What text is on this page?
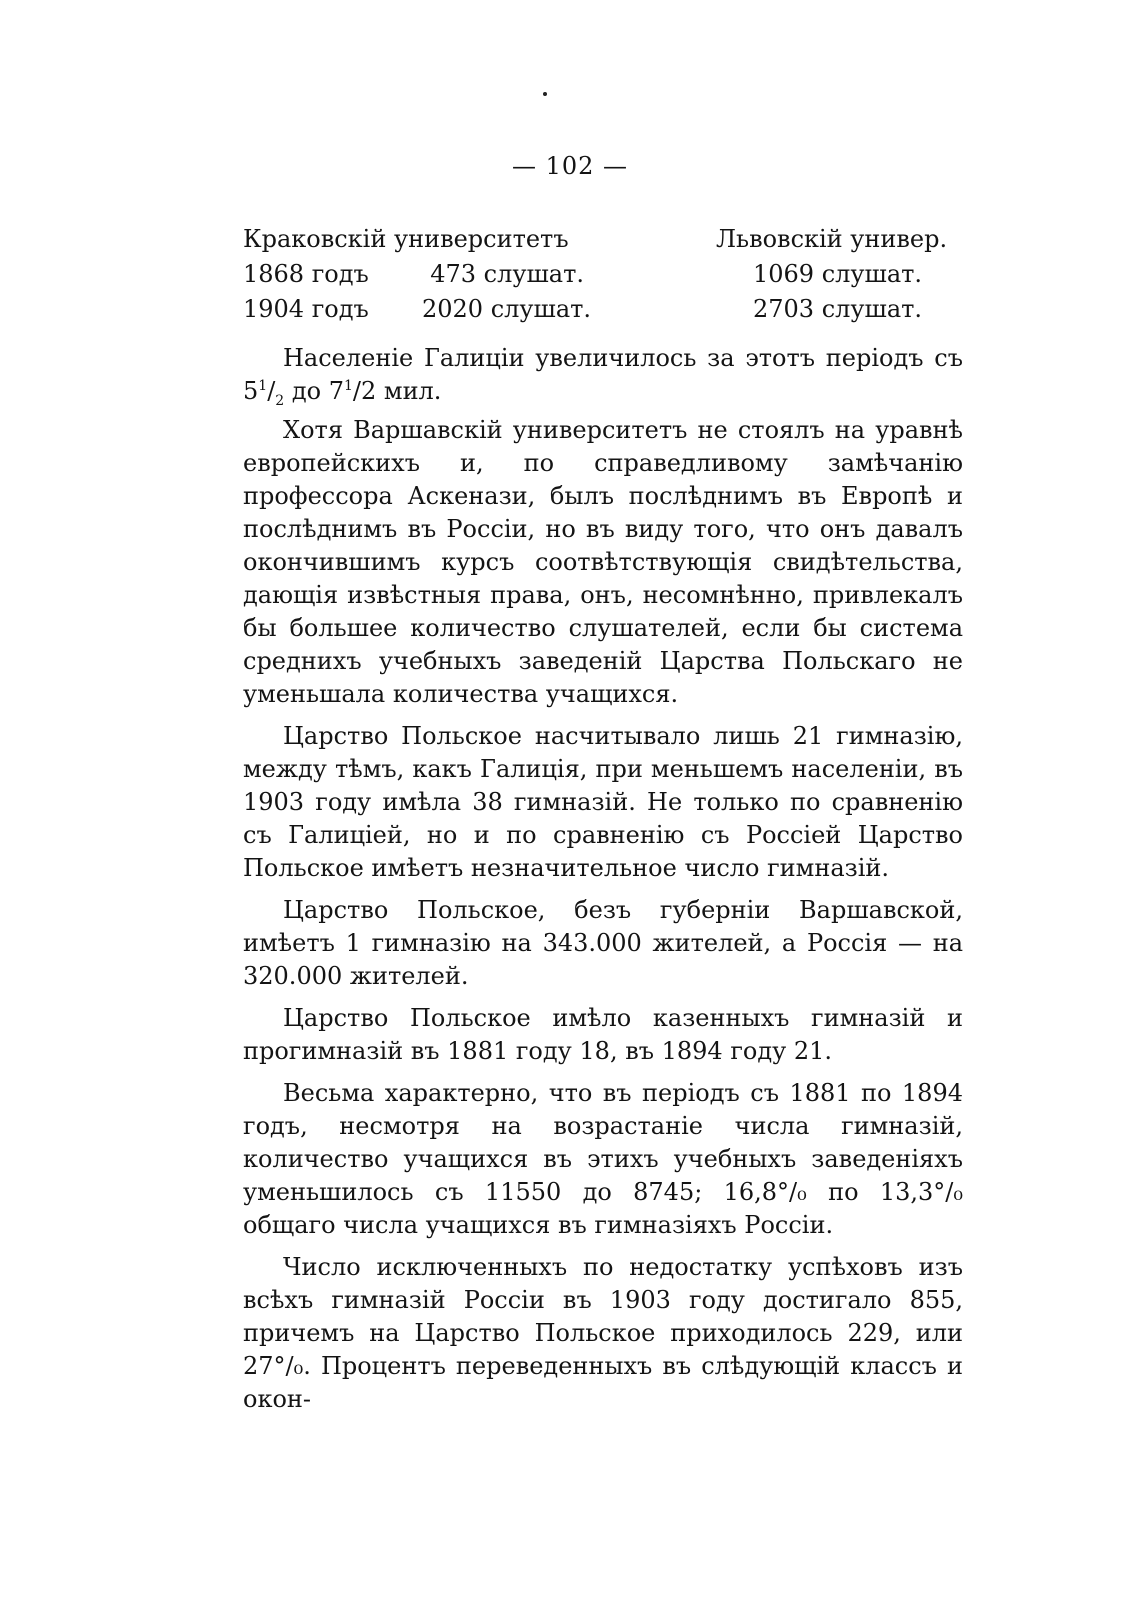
— 102 —
Краковскій университетъ	Львовскій универ.
1868 годъ	473 слушат.	1069 слушат.
1904 годъ 2020 слушат.	2703 слушат.

Населеніе Галиціи увеличилось за этотъ періодъ съ $5^1/_2$ до $7^1/2$ мил.

Хотя Варшавскій университетъ не стоялъ на уравнѣ европейскихъ и, по справедливому замѣчанію профессора Аскенази, былъ послѣднимъ въ Европѣ и послѣднимъ въ Россіи, но въ виду того, что онъ давалъ окончившимъ курсъ соотвѣтствующія свидѣтельства, дающія извѣстныя права, онъ, несомнѣнно, привлекалъ бы большее количество слушателей, если бы система среднихъ учебныхъ заведеній Царства Польскаго не уменьшала количества учащихся.

Царство Польское насчитывало лишь 21 гимназію, между тѣмъ, какъ Галиція, при меньшемъ населеніи, въ 1903 году имѣла 38 гимназій. Не только по сравненію съ Галиціей, но и по сравненію съ Россіей Царство Польское имѣетъ незначительное число гимназій.

Царство Польское, безъ губерніи Варшавской, имѣетъ 1 гимназію на 343.000 жителей, а Россія — на 320.000 жителей.

Царство Польское имѣло казенныхъ гимназій и прогимназій въ 1881 году 18, въ 1894 году 21.

Весьма характерно, что въ періодъ съ 1881 по 1894 годъ, несмотря на возрастаніе числа гимназій, количество учащихся въ этихъ учебныхъ заведеніяхъ уменьшилось съ 11550 до 8745; 16,8°/₀ по 13,3°/₀ общаго числа учащихся въ гимназіяхъ Россіи.

Число исключенныхъ по недостатку успѣховъ изъ всѣхъ гимназій Россіи въ 1903 году достигало 855, причемъ на Царство Польское приходилось 229, или 27°/₀. Процентъ переведенныхъ въ слѣдующій классъ и окон-
